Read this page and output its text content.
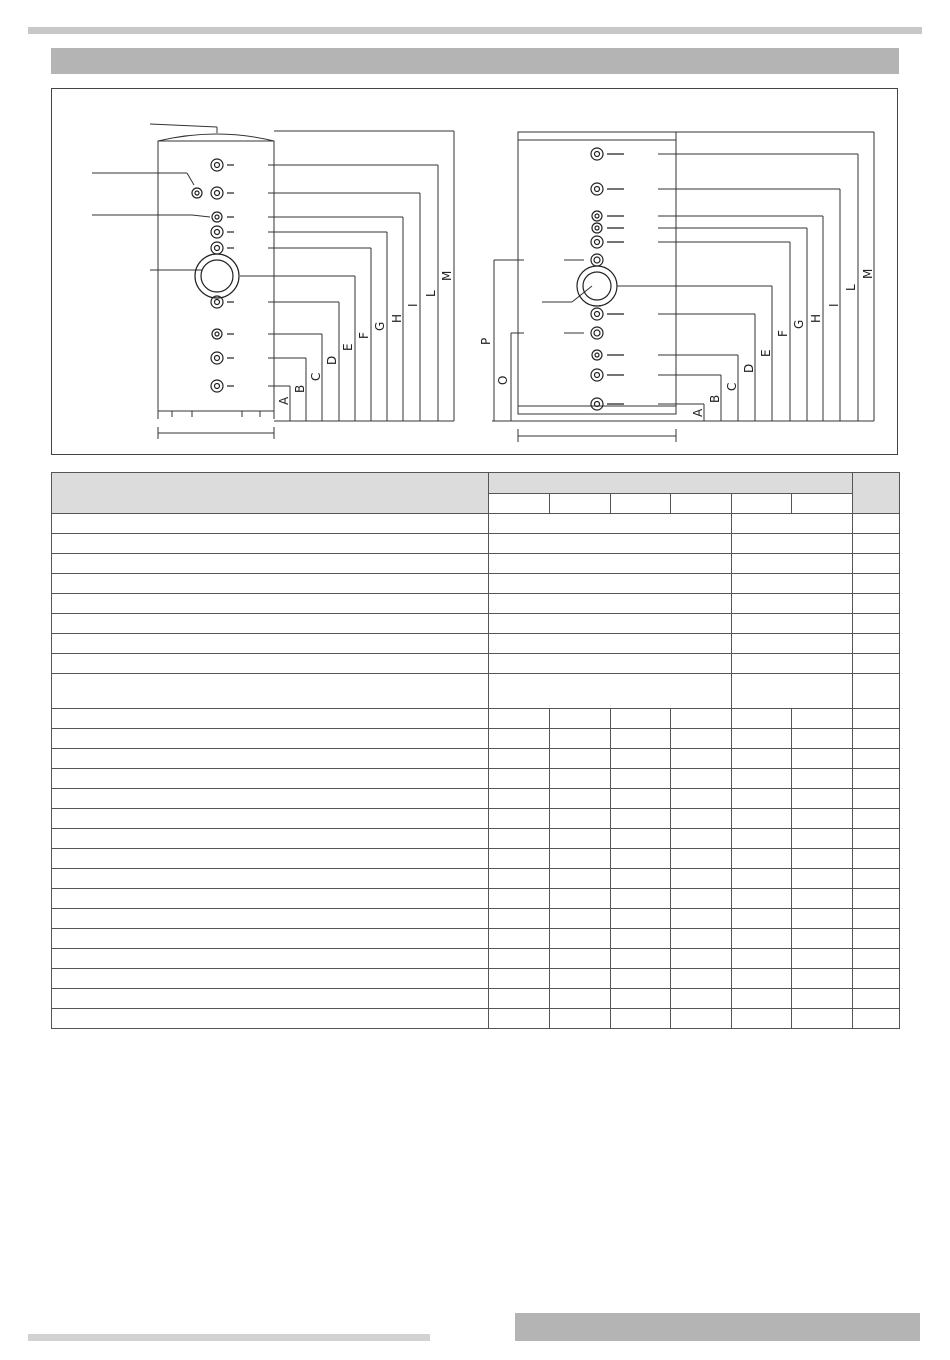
A
B
C
D
E
F
G
H
I
L
M
A
B
C
D
E
F
G
H
I
L
M
O
P
